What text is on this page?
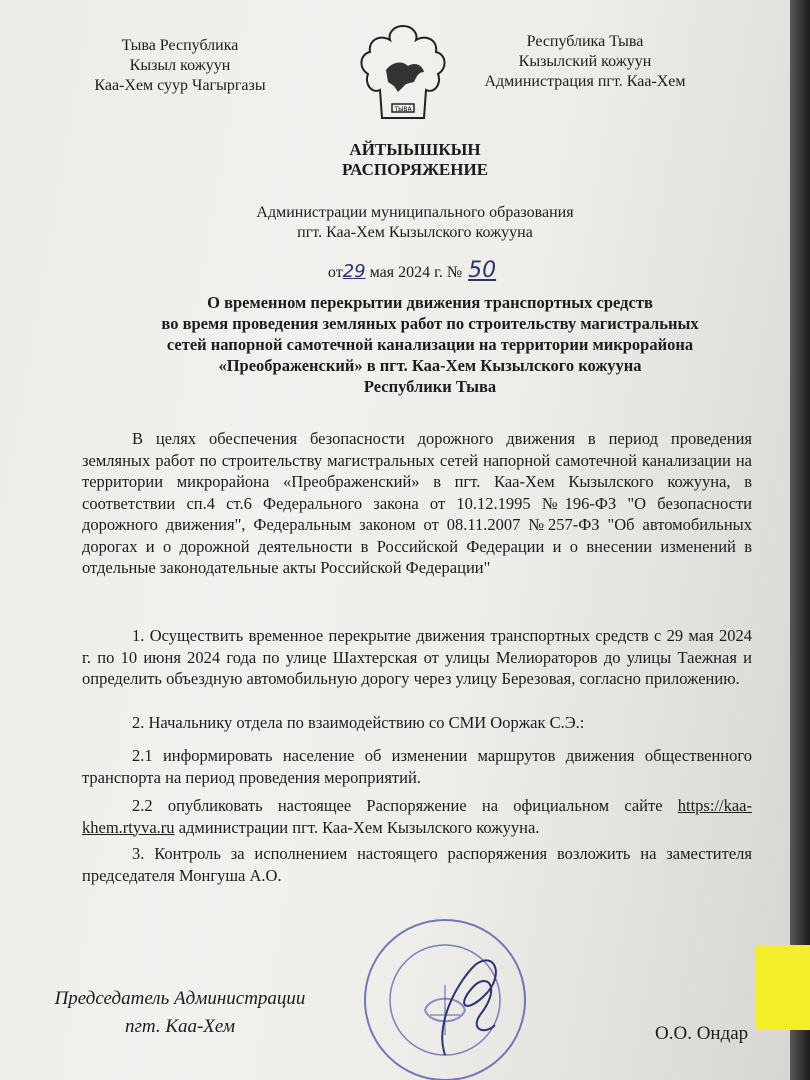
Тыва Республика
Кызыл кожуун
Каа-Хем суур Чагыргазы
ТЫВА
Республика Тыва
Кызылский кожуун
Администрация пгт. Каа-Хем
АЙТЫЫШКЫН
РАСПОРЯЖЕНИЕ
Администрации муниципального образования
пгт. Каа-Хем Кызылского кожууна
от29 мая 2024 г. № 50
О временном перекрытии движения транспортных средств
во время проведения земляных работ по строительству магистральных
сетей напорной самотечной канализации на территории микрорайона
«Преображенский» в пгт. Каа-Хем Кызылского кожууна
Республики Тыва
В целях обеспечения безопасности дорожного движения в период проведения земляных работ по строительству магистральных сетей напорной самотечной канализации на территории микрорайона «Преображенский» в пгт. Каа-Хем Кызылского кожууна, в соответствии сп.4 ст.6 Федерального закона от 10.12.1995 №196-ФЗ "О безопасности дорожного движения", Федеральным законом от 08.11.2007 №257-ФЗ "Об автомобильных дорогах и о дорожной деятельности в Российской Федерации и о внесении изменений в отдельные законодательные акты Российской Федерации"
1. Осуществить временное перекрытие движения транспортных средств с 29 мая 2024 г. по 10 июня 2024 года по улице Шахтерская от улицы Мелиораторов до улицы Таежная и определить объездную автомобильную дорогу через улицу Березовая, согласно приложению.
2. Начальнику отдела по взаимодействию со СМИ Ооржак С.Э.:
2.1 информировать население об изменении маршрутов движения общественного транспорта на период проведения мероприятий.
2.2 опубликовать настоящее Распоряжение на официальном сайте https://kaa-khem.rtyva.ru администрации пгт. Каа-Хем Кызылского кожууна.
3. Контроль за исполнением настоящего распоряжения возложить на заместителя председателя Монгуша А.О.
Председатель Администрации
пгт. Каа-Хем	О.О. Ондар
